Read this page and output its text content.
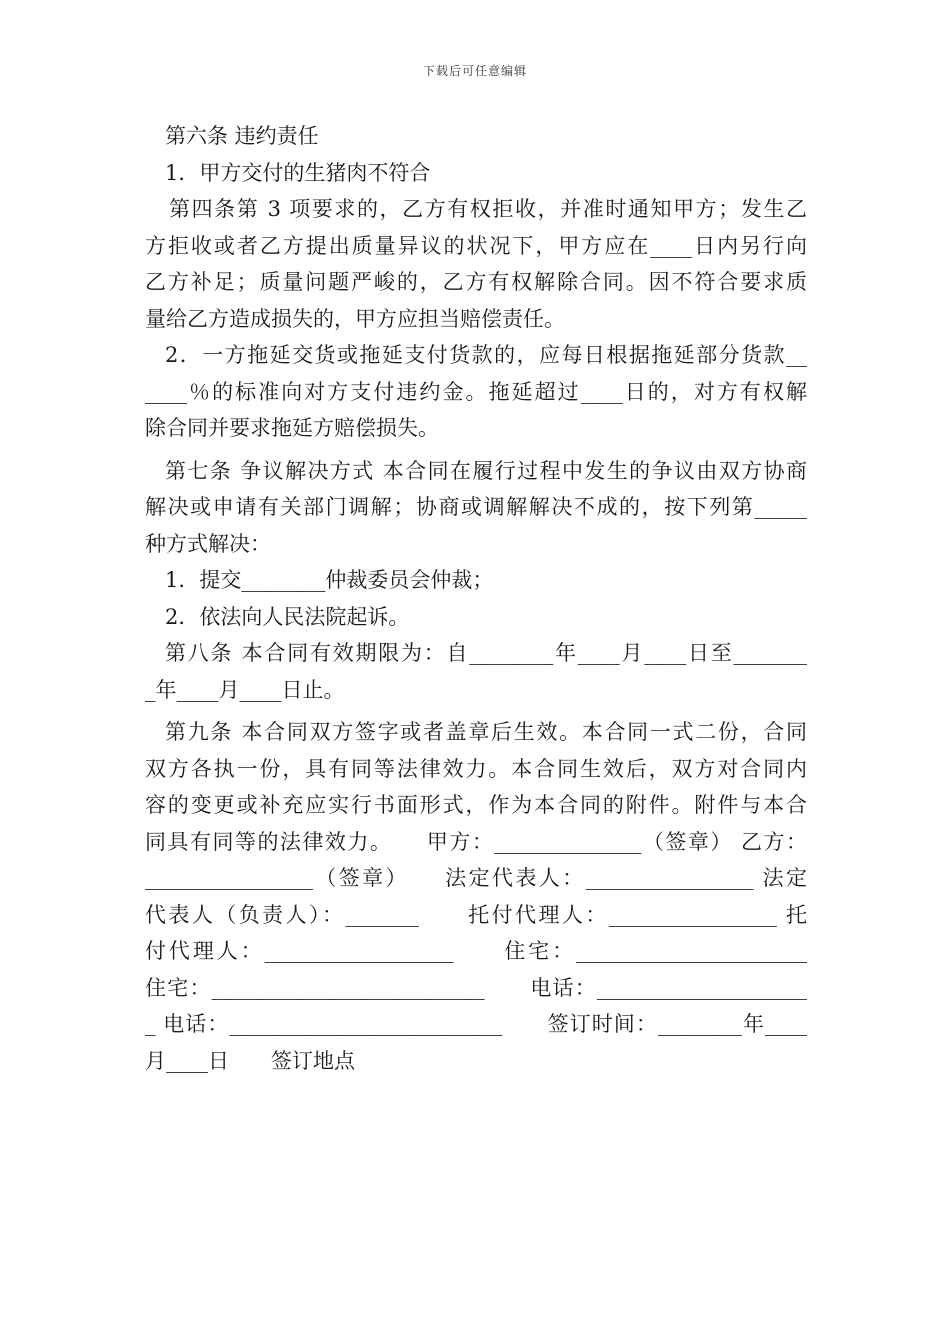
下载后可任意编辑
第六条 违约责任
1．甲方交付的生猪肉不符合
第四条第 3 项要求的，乙方有权拒收，并准时通知甲方；发生乙
方拒收或者乙方提出质量异议的状况下，甲方应在____日内另行向
乙方补足；质量问题严峻的，乙方有权解除合同。因不符合要求质
量给乙方造成损失的，甲方应担当赔偿责任。
2．一方拖延交货或拖延支付货款的，应每日根据拖延部分货款__
____％的标准向对方支付违约金。拖延超过____日的，对方有权解
除合同并要求拖延方赔偿损失。
第七条 争议解决方式 本合同在履行过程中发生的争议由双方协商
解决或申请有关部门调解；协商或调解解决不成的，按下列第_____
种方式解决：
1．提交________仲裁委员会仲裁；
2．依法向人民法院起诉。
第八条 本合同有效期限为：自________年____月____日至_______
_年____月____日止。
第九条 本合同双方签字或者盖章后生效。本合同一式二份，合同
双方各执一份，具有同等法律效力。本合同生效后，双方对合同内
容的变更或补充应实行书面形式，作为本合同的附件。附件与本合
同具有同等的法律效力。　　甲方：______________（签章） 乙方：
________________（签章）　　法定代表人：________________ 法定
代表人（负责人）：_______　　托付代理人：________________ 托
付代理人：__________________　　住宅：______________________
住宅：__________________________　　电话：____________________
_ 电话：__________________________　　签订时间：________年____
月____日　　签订地点
